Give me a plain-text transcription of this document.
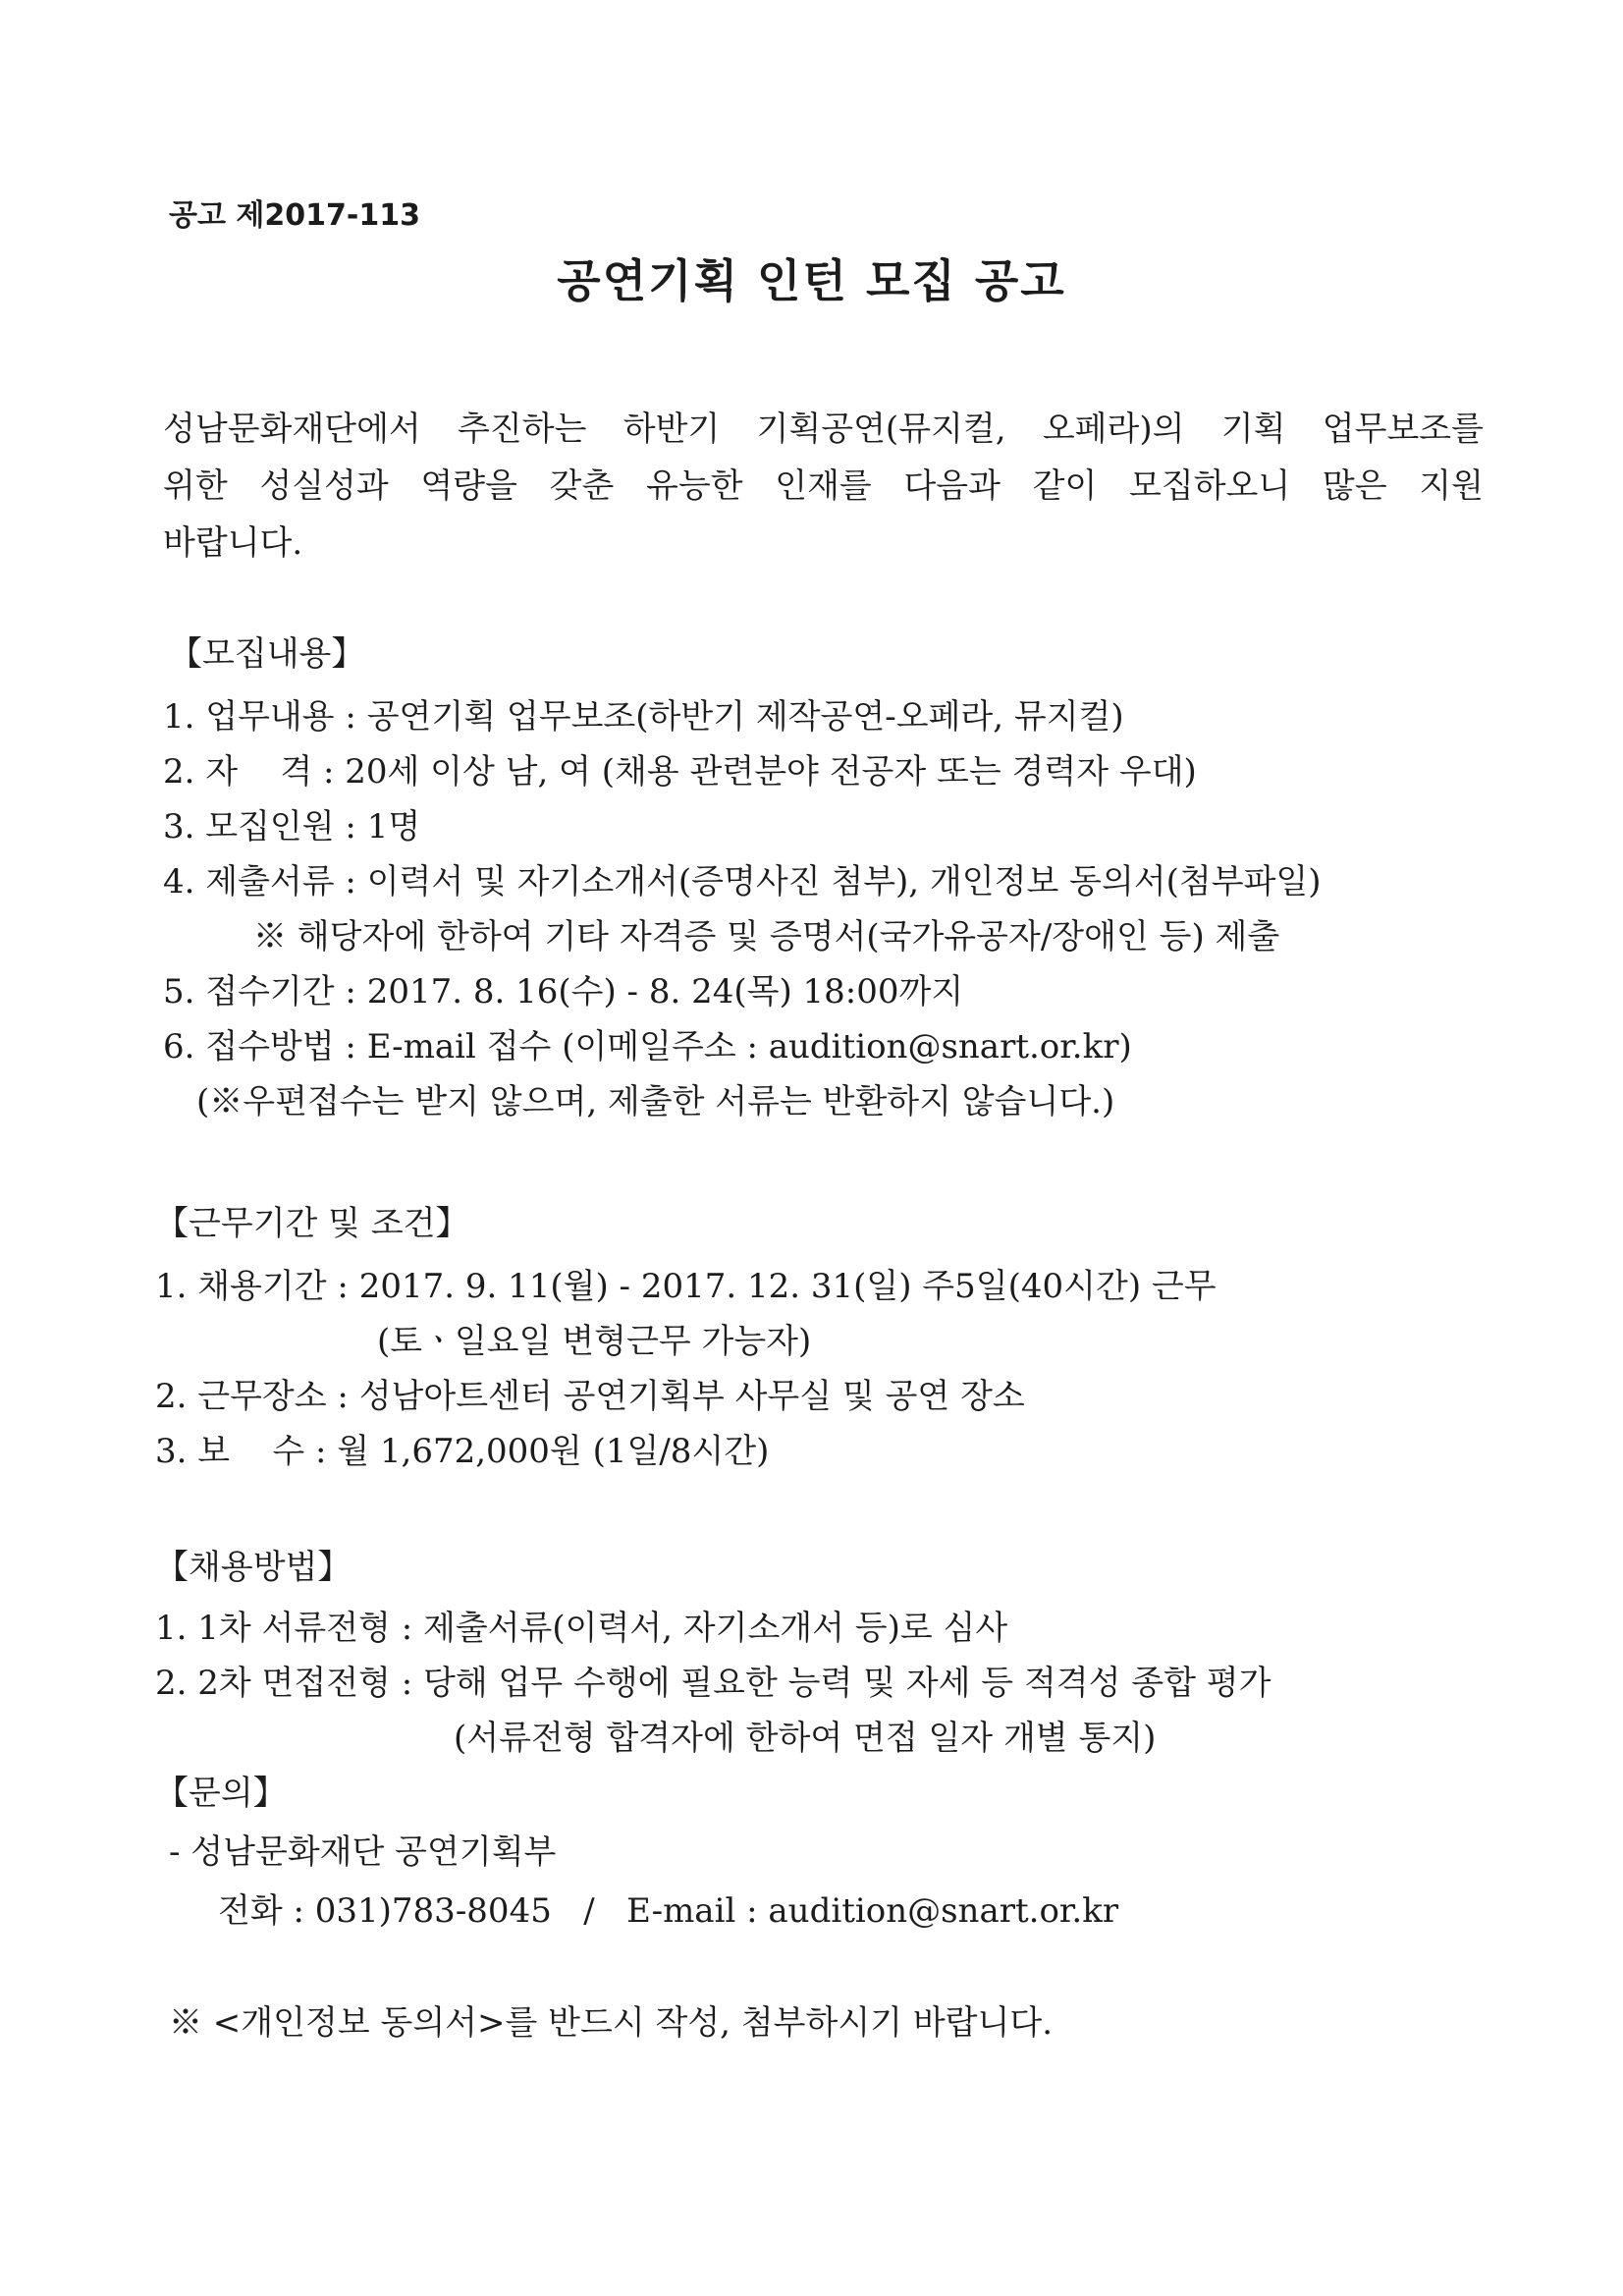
공고 제2017-113
공연기획 인턴 모집 공고
성남문화재단에서 추진하는 하반기 기획공연(뮤지컬, 오페라)의 기획 업무보조를
위한 성실성과 역량을 갖춘 유능한 인재를 다음과 같이 모집하오니 많은 지원
바랍니다.
【모집내용】
1. 업무내용 : 공연기획 업무보조(하반기 제작공연-오페라, 뮤지컬)
2. 자    격 : 20세 이상 남, 여 (채용 관련분야 전공자 또는 경력자 우대)
3. 모집인원 : 1명
4. 제출서류 : 이력서 및 자기소개서(증명사진 첨부), 개인정보 동의서(첨부파일)
※ 해당자에 한하여 기타 자격증 및 증명서(국가유공자/장애인 등) 제출
5. 접수기간 : 2017. 8. 16(수) - 8. 24(목) 18:00까지
6. 접수방법 : E-mail 접수 (이메일주소 : audition@snart.or.kr)
(※우편접수는 받지 않으며, 제출한 서류는 반환하지 않습니다.)
【근무기간 및 조건】
1. 채용기간 : 2017. 9. 11(월) - 2017. 12. 31(일) 주5일(40시간) 근무
(토ㆍ일요일 변형근무 가능자)
2. 근무장소 : 성남아트센터 공연기획부 사무실 및 공연 장소
3. 보    수 : 월 1,672,000원 (1일/8시간)
【채용방법】
1. 1차 서류전형 : 제출서류(이력서, 자기소개서 등)로 심사
2. 2차 면접전형 : 당해 업무 수행에 필요한 능력 및 자세 등 적격성 종합 평가
(서류전형 합격자에 한하여 면접 일자 개별 통지)
【문의】
- 성남문화재단 공연기획부
전화 : 031)783-8045   /   E-mail : audition@snart.or.kr
※ <개인정보 동의서>를 반드시 작성, 첨부하시기 바랍니다.
